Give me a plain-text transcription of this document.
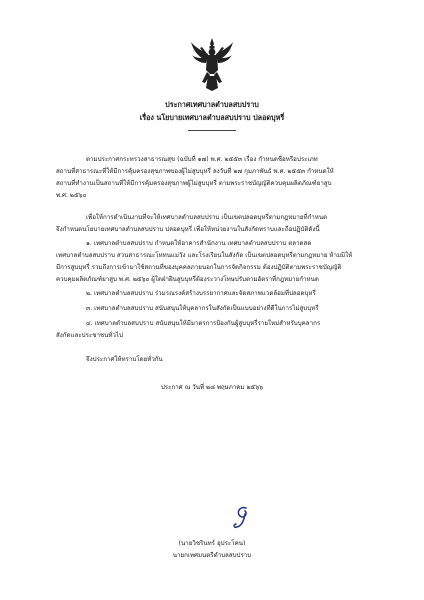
ประกาศเทศบาลตำบลสบปราบ
เรื่อง นโยบายเทศบาลตำบลสบปราบ ปลอดบุหรี่
ตามประกาศกระทรวงสาธารณสุข (ฉบับที่ ๑๗) พ.ศ. ๒๕๕๓ เรื่อง กำหนดชื่อหรือประเภท
สถานที่สาธารณะที่ให้มีการคุ้มครองสุขภาพของผู้ไม่สูบบุหรี่ ลงวันที่ ๒๗ กุมภาพันธ์ พ.ศ. ๒๕๕๓ กำหนดให้
สถานที่ทำงานเป็นสถานที่ให้มีการคุ้มครองสุขภาพผู้ไม่สูบบุหรี่ ตามพระราชบัญญัติควบคุมผลิตภัณฑ์ยาสูบ
พ.ศ. ๒๕๖๐
เพื่อให้การดำเนินงานที่จะให้เทศบาลตำบลสบปราบ เป็นเขตปลอดบุหรี่ตามกฎหมายที่กำหนด
จึงกำหนดนโยบายเทศบาลตำบลสบปราบ ปลอดบุหรี่ เพื่อให้หน่วยงานในสังกัดทราบและถือปฏิบัติดังนี้
๑. เทศบาลตำบลสบปราบ กำหนดให้อาคารสำนักงาน เทศบาลตำบลสบปราบ ตลาดสด
เทศบาลตำบลสบปราบ สวนสาธารณะโหทนแม่วัง และโรงเรียนในสังกัด เป็นเขตปลอดบุหรี่ตามกฎหมาย ห้ามมิให้
มีการสูบบุหรี่ รวมถึงการเข้ามาใช้สถานที่ของบุคคลภายนอกในการจัดกิจกรรม ต้องปฏิบัติตามพระราชบัญญัติ
ควบคุมผลิตภัณฑ์ยาสูบ พ.ศ. ๒๕๖๐ ผู้ใดฝ่าฝืนสูบบุหรี่ต้องระวางโทษปรับตามอัตราที่กฎหมายกำหนด
๒. เทศบาลตำบลสบปราบ ร่วมรณรงค์สร้างบรรยากาศและจัดสภาพแวดล้อมที่ปลอดบุหรี่
๓. เทศบาลตำบลสบปราบ สนับสนุนให้บุคลากรในสังกัดเป็นแบบอย่างที่ดีในการไม่สูบบุหรี่
๔. เทศบาลตำบลสบปราบ สนับสนุนให้มีมาตรการป้องกันผู้สูบบุหรี่รายใหม่สำหรับบุคลากร
สังกัดและประชาชนทั่วไป
จึงประกาศให้ทราบโดยทั่วกัน
ประกาศ ณ วันที่ ๒๘ พฤษภาคม ๒๕๖๖
(นายวิชรินทร์ อุประโคน)
นายกเทศมนตรีตำบลสบปราบ
